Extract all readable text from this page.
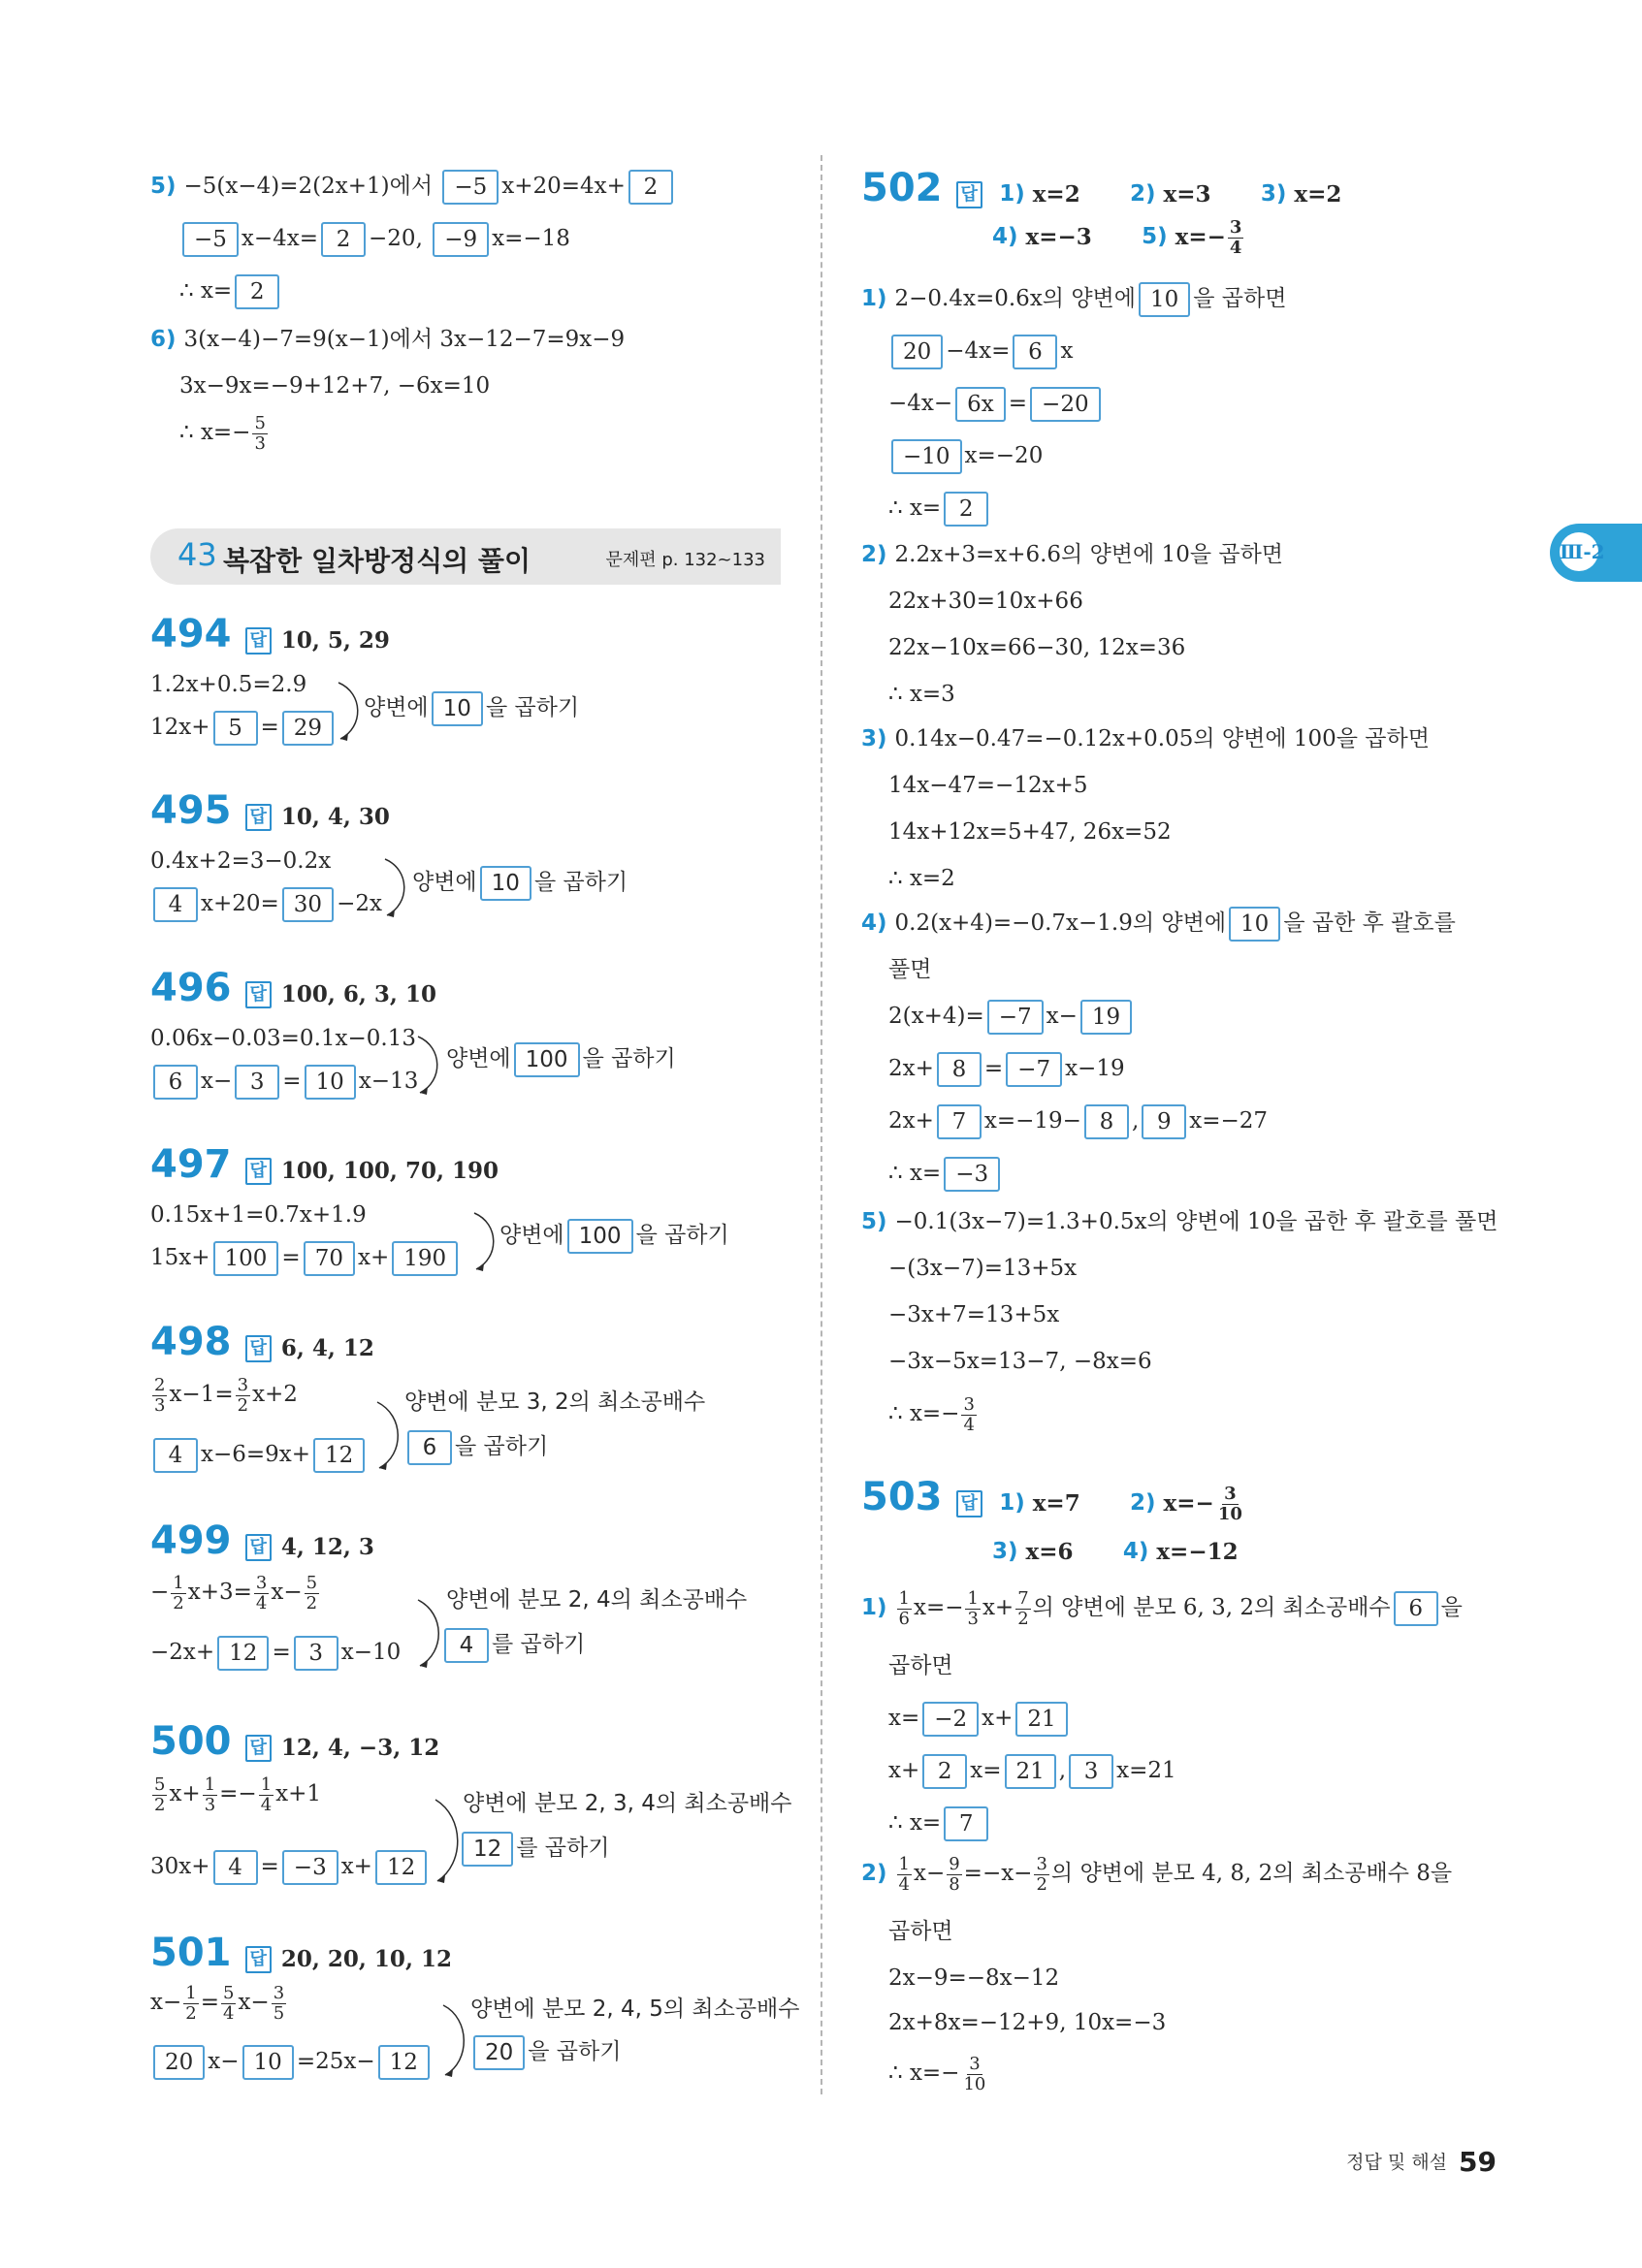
5) −5(x−4)=2(2x+1)에서 −5 x+20=4x+ 2
−5 x−4x= 2 −20, −9 x=−18
∴ x= 2
6) 3(x−4)−7=9(x−1)에서 3x−12−7=9x−9
3x−9x=−9+12+7, −6x=10
∴ $x=- \frac{5}{3}$
43 복잡한 일차방정식의 풀이	문제편 p. 132~133
494 답 10, 5, 29
1.2x+0.5=2.9
12x+ 5 = 29
양변에 10 을 곱하기
495 답 10, 4, 30
0.4x+2=3−0.2x
4 x+20= 30 −2x
양변에 10 을 곱하기
496 답 100, 6, 3, 10
0.06x−0.03=0.1x−0.13
6 x− 3 = 10 x−13
양변에 100 을 곱하기
497 답 100, 100, 70, 190
0.15x+1=0.7x+1.9
15x+ 100 = 70 x+ 190
양변에 100 을 곱하기
498 답 6, 4, 12
$\frac{2}{3} x-1= \frac{3}{2} x+2$
4 x−6=9x+ 12
양변에 분모 3, 2의 최소공배수
6 을 곱하기
499 답 4, 12, 3
− $\frac{1}{2} x+3= \frac{3}{4} x- \frac{5}{2}$
−2x+ 12 = 3 x−10
양변에 분모 2, 4의 최소공배수
4 를 곱하기
500 답 12, 4, −3, 12
$\frac{5}{2} x+ \frac{1}{3} =- \frac{1}{4} x+1$
30x+ 4 = −3 x+ 12
양변에 분모 2, 3, 4의 최소공배수
12 를 곱하기
501 답 20, 20, 10, 12
$x- \frac{1}{2} = \frac{5}{4} x- \frac{3}{5}$
20 x− 10 =25x− 12
양변에 분모 2, 4, 5의 최소공배수
20 을 곱하기
502 답 1) x=2 2) x=3 3) x=2
4) x=−3 5) $x=- \frac{3}{4}$
1) 2−0.4x=0.6x의 양변에 10 을 곱하면
20 −4x= 6 x
−4x− 6x = −20
−10 x=−20
∴ x= 2
2) 2.2x+3=x+6.6의 양변에 10을 곱하면
22x+30=10x+66
22x−10x=66−30, 12x=36
∴ x=3
3) 0.14x−0.47=−0.12x+0.05의 양변에 100을 곱하면
14x−47=−12x+5
14x+12x=5+47, 26x=52
∴ x=2
4) 0.2(x+4)=−0.7x−1.9의 양변에 10 을 곱한 후 괄호를
풀면
2(x+4)= −7 x− 19
2x+ 8 = −7 x−19
2x+ 7 x=−19− 8 , 9 x=−27
∴ x= −3
5) −0.1(3x−7)=1.3+0.5x의 양변에 10을 곱한 후 괄호를 풀면
−(3x−7)=13+5x
−3x+7=13+5x
−3x−5x=13−7, −8x=6
∴ $x=- \frac{3}{4}$
503 답 1) x=7 2) $x=- \frac{3}{10}$
3) x=6 4) x=−12
$1) \frac{1}{6} x=- \frac{1}{3} x+ \frac{7}{2}$ 의 양변에 분모 6, 3, 2의 최소공배수 6 을
곱하면
x= −2 x+ 21
x+ 2 x= 21 , 3 x=21
∴ x= 7
$2) \frac{1}{4} x- \frac{9}{8} =-x- \frac{3}{2}$ 의 양변에 분모 4, 8, 2의 최소공배수 8을
곱하면
2x−9=−8x−12
2x+8x=−12+9, 10x=−3
∴ $x=- \frac{3}{10}$
Ⅲ-2
정답 및 해설 59
